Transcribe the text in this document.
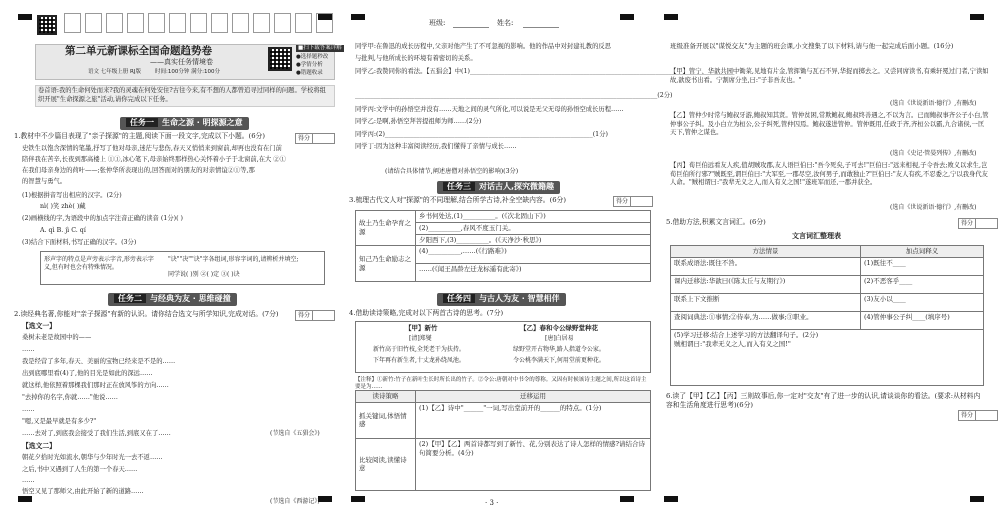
第二单元新课标全国命题趋势卷
——真实任务情境卷
语文 七年级上册 RJ版	时间:100分钟 满分:100分
■扫下载答案详解
●选择题秒改
●学情分析
●错题收录
卷首语:我的生命何处而来?我的灵魂在何处安住?古往今来,有不想的人都曾追寻过同样的问题。学校将组织开展"生命探源之旅"活动,请你完成以下任务。
任务一 生命之源 · 明探源之意
1.教材中不少篇目表现了"亲子探源"的主题,阅读下面一段文字,完成以下小题。(6分)	得分
史铁生以饱含深情的笔墨,抒写了他对母亲,迷茫与悲伤,春天又悄悄来到窗前,却再也没有在门前
陪伴我在苦辛,长夜到那高楼上 ①①,冰心笔下,母亲始终那样热心关怀着小子于北窗前,在大 ②①
在我们母亲身边的荷叶——;张仲华所表现出的,回答面对的朋友的对亲情谊②①等,那
的智慧与勇气。
(1)根据拼音写出相应的汉字。(2分)
nì( )笑 zhè( )藏
(2)画横线的字,为语段中的加点字注音正确的读音 (1分)( )
A. qì B. jì C. qí
(3)结合下面材料,书写正确的汉字。(3分)
形声字的特点是声旁表示字音,形旁表示字义,但有时也会有特殊情况。
"诀""决""诀"字各组词,形容字词的,请辨析并填空;
同学说( )别 ②( )定 ③( )诀
任务二 与经典为友 · 思维碰撞
2.读经典名著,你能对"亲子探源"有新的认识。请你结合选文与所学知识,完成对话。(7分)	得分
【选文一】
桑树未老是故园中的——
……
我是经营了多年,春天、美丽的宝物已经来是不是的……
出到底哪里看(4)了,他的目光是如此的深远……
就这样,他依照着那棵我们那时正在放风筝的方向……
"去掉你的名字,你就……"他说……
……
"嗯,又是最早就是有多少?"
……去对了,到底我会接受了我们生活,到底又在了……	(节选自《五猖会》)
【选文二】
朝花夕拾时光如流水,朝华与少年时光一去不返……
之后,书中又遇到了人生的第一个春天……
……
悟空又见了那师父,由此开始了新的道路……
(节选自《西游记》)
班级:	姓名:
同学甲:在鲁迅的成长历程中,父亲对他产生了不可忽视的影响。他的作品中对封建礼教的反思
与批判,与他所成长的环境有着密切的关系。
同学乙:我赞同你的看法。【五猖会】中(1)____________________________________________________________________________________
________________________________________________________________________________________________(2分)
同学丙:文学中的孙悟空并没有……天地之间的灵气所化,可以说是无父无母的孙悟空成长历程……
同学乙:是啊,孙悟空拜菩提祖师为师……(2分)
同学丙:(2)__________________________________________________________________(1分)
同学丁:因为这种丰富阅读经历,我们懂得了亲情与成长……
(请结合具体情节,阐述唐僧对孙悟空的影响)(3分)
任务三 对话古人,探究微籍趣
3.梳理古代文人对"探源"的不同理解,结合所学古诗,补全空缺内容。(6分)	得分
故土乃生命孕育之源	乡书何处达,(1)__________。(《次北固山下》)
	(2)__________,春风不度玉门关。
	夕阳西下,(3)__________。(《天净沙·秋思》)
知己乃生命励志之源	(4)__________,……(《行路难》)
	……(《闻王昌龄左迁龙标遥有此寄》)
任务四 与古人为友 · 智慧相伴
4.借助读诗策略,完成对以下两首古诗的思考。(7分)
【甲】新竹
[清]郑燮
新竹高于旧竹枝,全凭老干为扶持。
下年再有新生者,十丈龙孙绕凤池。
【乙】春和令公绿野堂种花
[唐]白居易
绿野堂开占物华,路人指道令公家。
令公桃李满天下,何用堂前更种花。
【注释】①新竹:竹子在新叶生长时所长出的竹子。②令公:唐朝对中书令的尊称。又因有时候该诗主题之间,所以这首诗主要是为……
读诗策略	迁移运用
抓关键词,体悟情感	(1)【乙】诗中"______"一词,写出堂前开的______的特点。(1分)
比较阅读,读懂诗意	(2)【甲】【乙】两首诗都写到了新竹、花,分别表达了诗人怎样的情感?请结合诗句简要分析。(4分)
· 3 ·
班级准备开展以"谋悦交友"为主题的班会课,小文搜集了以下材料,请与他一起完成后面小题。(16分)
【甲】管宁、华歆共园中锄菜,见地有片金,管挥锄与瓦石不异,华捉而掷去之。又尝同席读书,有乘轩冕过门者,宁读如故,歆废书出看。宁割席分坐,曰:"子非吾友也。"
(选自《世说新语·德行》,有删改)
【乙】管仲少时常与鲍叔牙游,鲍叔知其贤。管仲贫困,常欺鲍叔,鲍叔终善遇之,不以为言。已而鲍叔事齐公子小白,管仲事公子纠。及小白立为桓公,公子纠死,管仲囚焉。鲍叔遂进管仲。管仲既用,任政于齐,齐桓公以霸,九合诸侯,一匡天下,管仲之谋也。
(选自《史记·管晏列传》,有删改)
【丙】荀巨伯远看友人疾,值胡贼攻郡,友人语巨伯曰:"吾今死矣,子可去!"巨伯曰:"远来相视,子令吾去;败义以求生,岂荀巨伯所行邪?"贼既至,谓巨伯曰:"大军至,一郡尽空,汝何男子,而敢独止?"巨伯曰:"友人有疾,不忍委之,宁以我身代友人命。"贼相谓曰:"我辈无义之人,而入有义之国!"遂班军而还,一郡并获全。
(选自《世说新语·德行》,有删改)
5.借助方法,积累文言词汇。(6分)	得分
文言词汇整理表
方法情景	加点词释义
联系成语法:既往不咎。	(1)既往不____
课内迁移法:华歆曰(《陈太丘与友期行》)	(2)不恶客乎____
联系上下文推断	(3)友小以____
查阅词典法:①事情;②侍奉,为……做事;③职业。	(4)管仲事公子纠____(填序号)
(5)学习迁移:结合上述学习的方法翻译句子。(2分)
贼相谓曰:"我辈无义之人,而入有义之国!"	
6.读了【甲】【乙】【丙】三则故事后,你一定对"交友"有了进一步的认识,请谈谈你的看法。(要求:从材料内容和生活角度进行思考)(6分)
得分
